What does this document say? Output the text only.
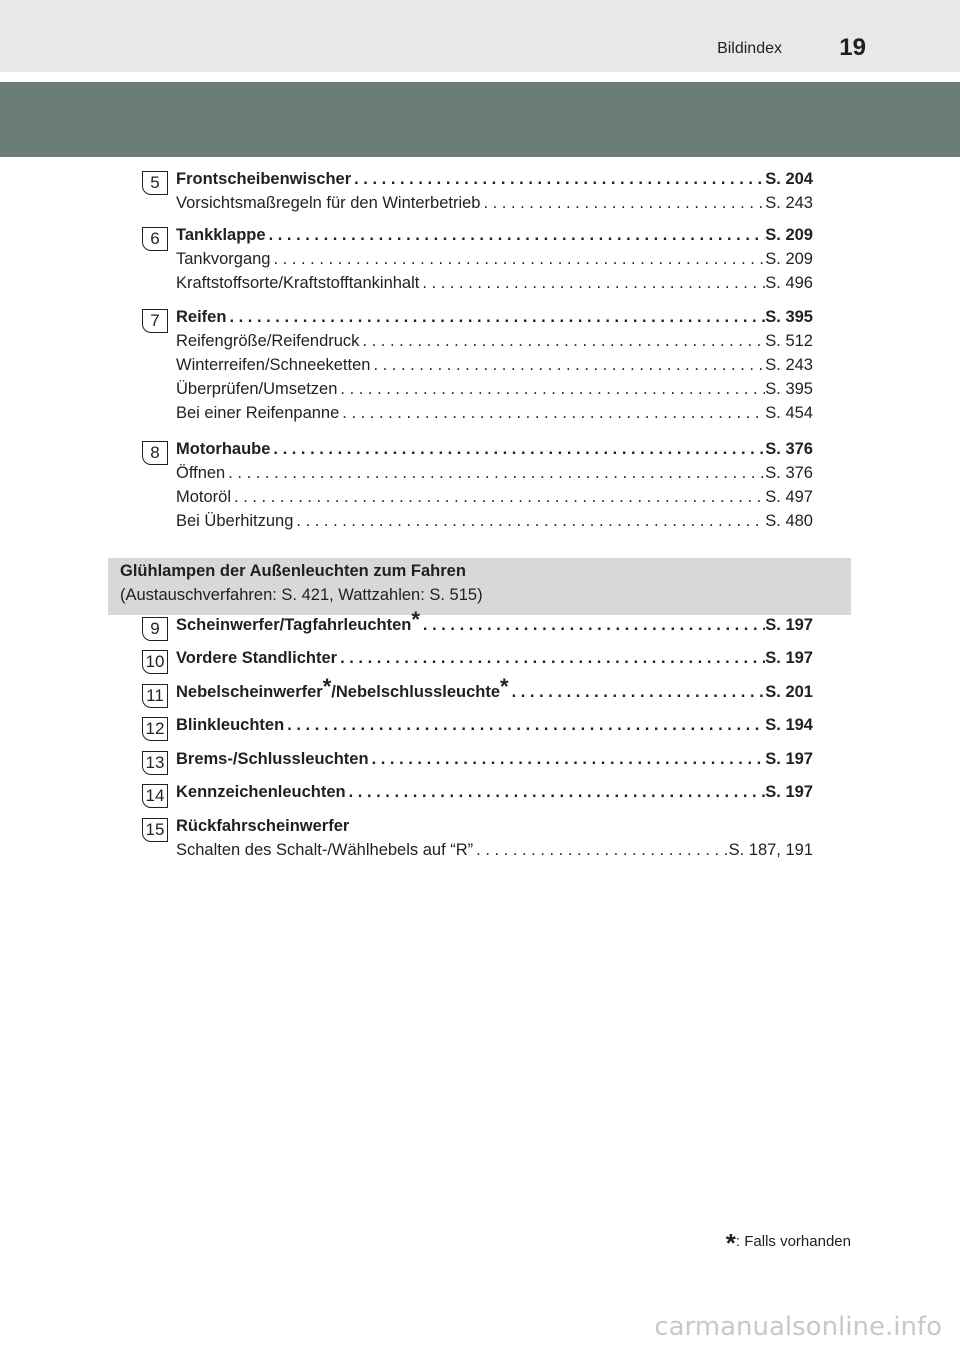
Bildindex 19
5 Frontscheibenwischer . . .	S. 204
Vorsichtsmaßregeln für den Winterbetrieb . . .	S. 243
6 Tankklappe . . .	S. 209
Tankvorgang . . .	S. 209
Kraftstoffsorte/Kraftstofftankinhalt . . .	S. 496
7 Reifen . . .	S. 395
Reifengröße/Reifendruck . . .	S. 512
Winterreifen/Schneeketten . . .	S. 243
Überprüfen/Umsetzen . . .	S. 395
Bei einer Reifenpanne . . .	S. 454
8 Motorhaube . . .	S. 376
Öffnen . . .	S. 376
Motoröl . . .	S. 497
Bei Überhitzung . . .	S. 480
Glühlampen der Außenleuchten zum Fahren
(Austauschverfahren: S. 421, Wattzahlen: S. 515)
9 Scheinwerfer/Tagfahrleuchten* . . .	S. 197
10 Vordere Standlichter . . .	S. 197
11 Nebelscheinwerfer*/Nebelschlussleuchte* . . .	S. 201
12 Blinkleuchten . . .	S. 194
13 Brems-/Schlussleuchten . . .	S. 197
14 Kennzeichenleuchten . . .	S. 197
15 Rückfahrscheinwerfer
Schalten des Schalt-/Wählhebels auf “R” . . .	S. 187, 191
*: Falls vorhanden
carmanualsonline.info
